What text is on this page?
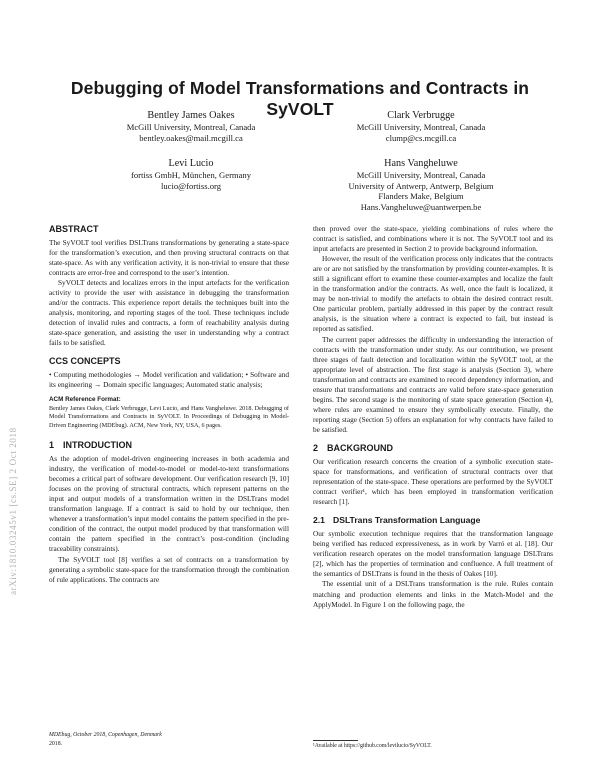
Debugging of Model Transformations and Contracts in SyVOLT
Bentley James Oakes
McGill University, Montreal, Canada
bentley.oakes@mail.mcgill.ca
Clark Verbrugge
McGill University, Montreal, Canada
clump@cs.mcgill.ca
Levi Lucio
fortiss GmbH, München, Germany
lucio@fortiss.org
Hans Vangheluwe
McGill University, Montreal, Canada
University of Antwerp, Antwerp, Belgium
Flanders Make, Belgium
Hans.Vangheluwe@uantwerpen.be
arXiv:1810.03245v1 [cs.SE] 2 Oct 2018

ABSTRACT

The SyVOLT tool verifies DSLTrans transformations by generating a state-space for the transformation’s execution, and then proving structural contracts on that state-space. As with any verification activity, it is non-trivial to ensure that these contracts are error-free and correspond to the user’s intention.

SyVOLT detects and localizes errors in the input artefacts for the verification activity to provide the user with assistance in debugging the transformation and/or the contracts. This experience report details the techniques built into the analysis, monitoring, and reporting stages of the tool. These techniques include detection of invalid rules and contracts, a form of reachability analysis during state-space generation, and assisting the user in understanding why a contract fails to be satisfied.

CCS CONCEPTS

• Computing methodologies → Model verification and validation; • Software and its engineering → Domain specific languages; Automated static analysis;

ACM Reference Format:

Bentley James Oakes, Clark Verbrugge, Levi Lucio, and Hans Vangheluwe. 2018. Debugging of Model Transformations and Contracts in SyVOLT. In Proceedings of Debugging in Model-Driven Engineering (MDEbug). ACM, New York, NY, USA, 6 pages.

1 INTRODUCTION

As the adoption of model-driven engineering increases in both academia and industry, the verification of model-to-model or model-to-text transformations becomes a critical part of software development. Our verification research [9, 10] focuses on the proving of structural contracts, which represent patterns on the input and output models of a transformation written in the DSLTrans model transformation language. If a contract is said to hold by our technique, then whenever a transformation’s input model contains the pattern specified in the pre-condition of the contract, the output model produced by that transformation will contain the pattern specified in the contract’s post-condition (including traceability constraints).

The SyVOLT tool [8] verifies a set of contracts on a transformation by generating a symbolic state-space for the transformation through the combination of rule applications. The contracts are

then proved over the state-space, yielding combinations of rules where the contract is satisfied, and combinations where it is not. The SyVOLT tool and its input artefacts are presented in Section 2 to provide background information.

However, the result of the verification process only indicates that the contracts are or are not satisfied by the transformation by providing counter-examples. It is still a significant effort to examine these counter-examples and localize the fault in the transformation and/or the contracts. As well, once the fault is localized, it may be non-trivial to modify the artefacts to obtain the desired contract result. One particular problem, partially addressed in this paper by the contract result analysis, is the situation where a contract is expected to fail, but instead is reported as satisfied.

The current paper addresses the difficulty in understanding the interaction of contracts with the transformation under study. As our contribution, we present three stages of fault detection and localization within the SyVOLT tool, at the appropriate level of abstraction. The first stage is analysis (Section 3), where transformation and contracts are examined to record dependency information, and ensure that transformations and contracts are valid before state-space generation begins. The second stage is the monitoring of state space generation (Section 4), where rules are examined to ensure they symbolically execute. Finally, the reporting stage (Section 5) offers an explanation for why contracts have failed to be satisfied.

2 BACKGROUND

Our verification research concerns the creation of a symbolic execution state-space for transformations, and verification of structural contracts over that representation of the state-space. These operations are performed by the SyVOLT contract verifier¹, which has been employed in transformation verification research [1].

2.1 DSLTrans Transformation Language

Our symbolic execution technique requires that the transformation language being verified has reduced expressiveness, as in work by Varró et al. [18]. Our verification research operates on the model transformation language DSLTrans [2], which has the properties of termination and confluence. A full treatment of the semantics of DSLTrans is found in the thesis of Oakes [10].

The essential unit of a DSLTrans transformation is the rule. Rules contain matching and production elements and links in the Match-Model and the ApplyModel. In Figure 1 on the following page, the

MDEbug, October 2018, Copenhagen, Denmark
2018.	¹Available at https://github.com/levilucio/SyVOLT.
